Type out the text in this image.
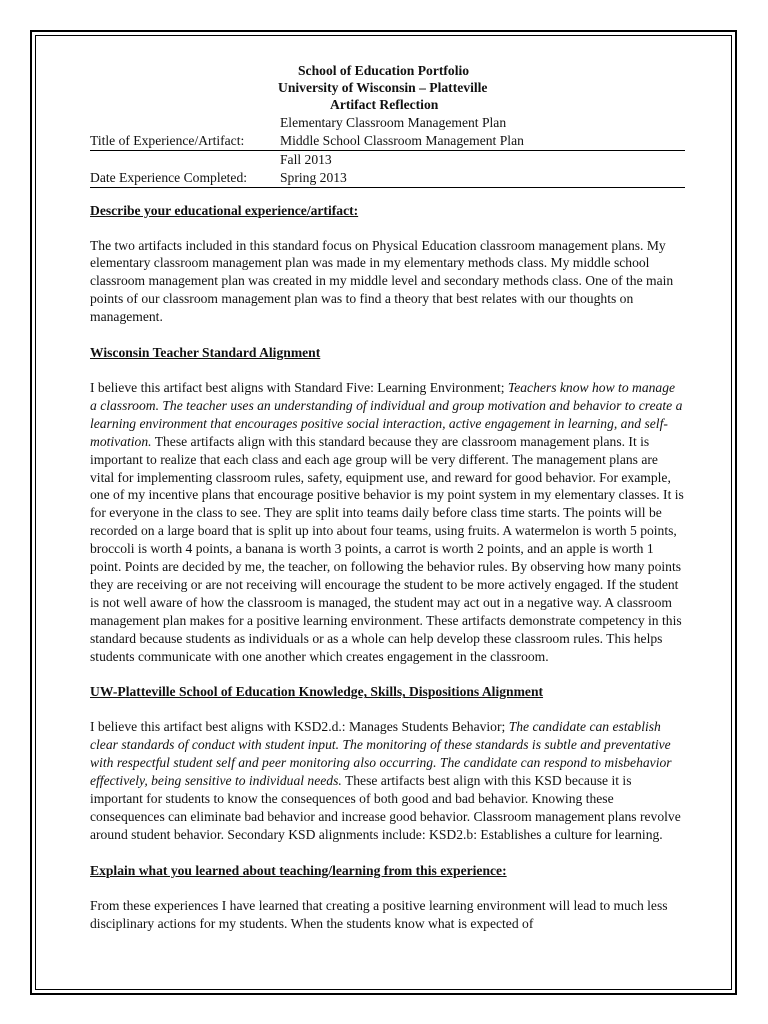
School of Education Portfolio
University of Wisconsin – Platteville
Artifact Reflection
Elementary Classroom Management Plan
Title of Experience/Artifact:	Middle School Classroom Management Plan
Fall 2013
Date Experience Completed:	Spring 2013

Describe your educational experience/artifact:

The two artifacts included in this standard focus on Physical Education classroom management plans. My elementary classroom management plan was made in my elementary methods class. My middle school classroom management plan was created in my middle level and secondary methods class. One of the main points of our classroom management plan was to find a theory that best relates with our thoughts on management.

Wisconsin Teacher Standard Alignment

I believe this artifact best aligns with Standard Five: Learning Environment; Teachers know how to manage a classroom. The teacher uses an understanding of individual and group motivation and behavior to create a learning environment that encourages positive social interaction, active engagement in learning, and self-motivation. These artifacts align with this standard because they are classroom management plans. It is important to realize that each class and each age group will be very different. The management plans are vital for implementing classroom rules, safety, equipment use, and reward for good behavior. For example, one of my incentive plans that encourage positive behavior is my point system in my elementary classes. It is for everyone in the class to see. They are split into teams daily before class time starts. The points will be recorded on a large board that is split up into about four teams, using fruits. A watermelon is worth 5 points, broccoli is worth 4 points, a banana is worth 3 points, a carrot is worth 2 points, and an apple is worth 1 point. Points are decided by me, the teacher, on following the behavior rules. By observing how many points they are receiving or are not receiving will encourage the student to be more actively engaged. If the student is not well aware of how the classroom is managed, the student may act out in a negative way. A classroom management plan makes for a positive learning environment. These artifacts demonstrate competency in this standard because students as individuals or as a whole can help develop these classroom rules. This helps students communicate with one another which creates engagement in the classroom.

UW-Platteville School of Education Knowledge, Skills, Dispositions Alignment

I believe this artifact best aligns with KSD2.d.: Manages Students Behavior; The candidate can establish clear standards of conduct with student input. The monitoring of these standards is subtle and preventative with respectful student self and peer monitoring also occurring. The candidate can respond to misbehavior effectively, being sensitive to individual needs. These artifacts best align with this KSD because it is important for students to know the consequences of both good and bad behavior. Knowing these consequences can eliminate bad behavior and increase good behavior. Classroom management plans revolve around student behavior. Secondary KSD alignments include: KSD2.b: Establishes a culture for learning.

Explain what you learned about teaching/learning from this experience:

From these experiences I have learned that creating a positive learning environment will lead to much less disciplinary actions for my students. When the students know what is expected of
